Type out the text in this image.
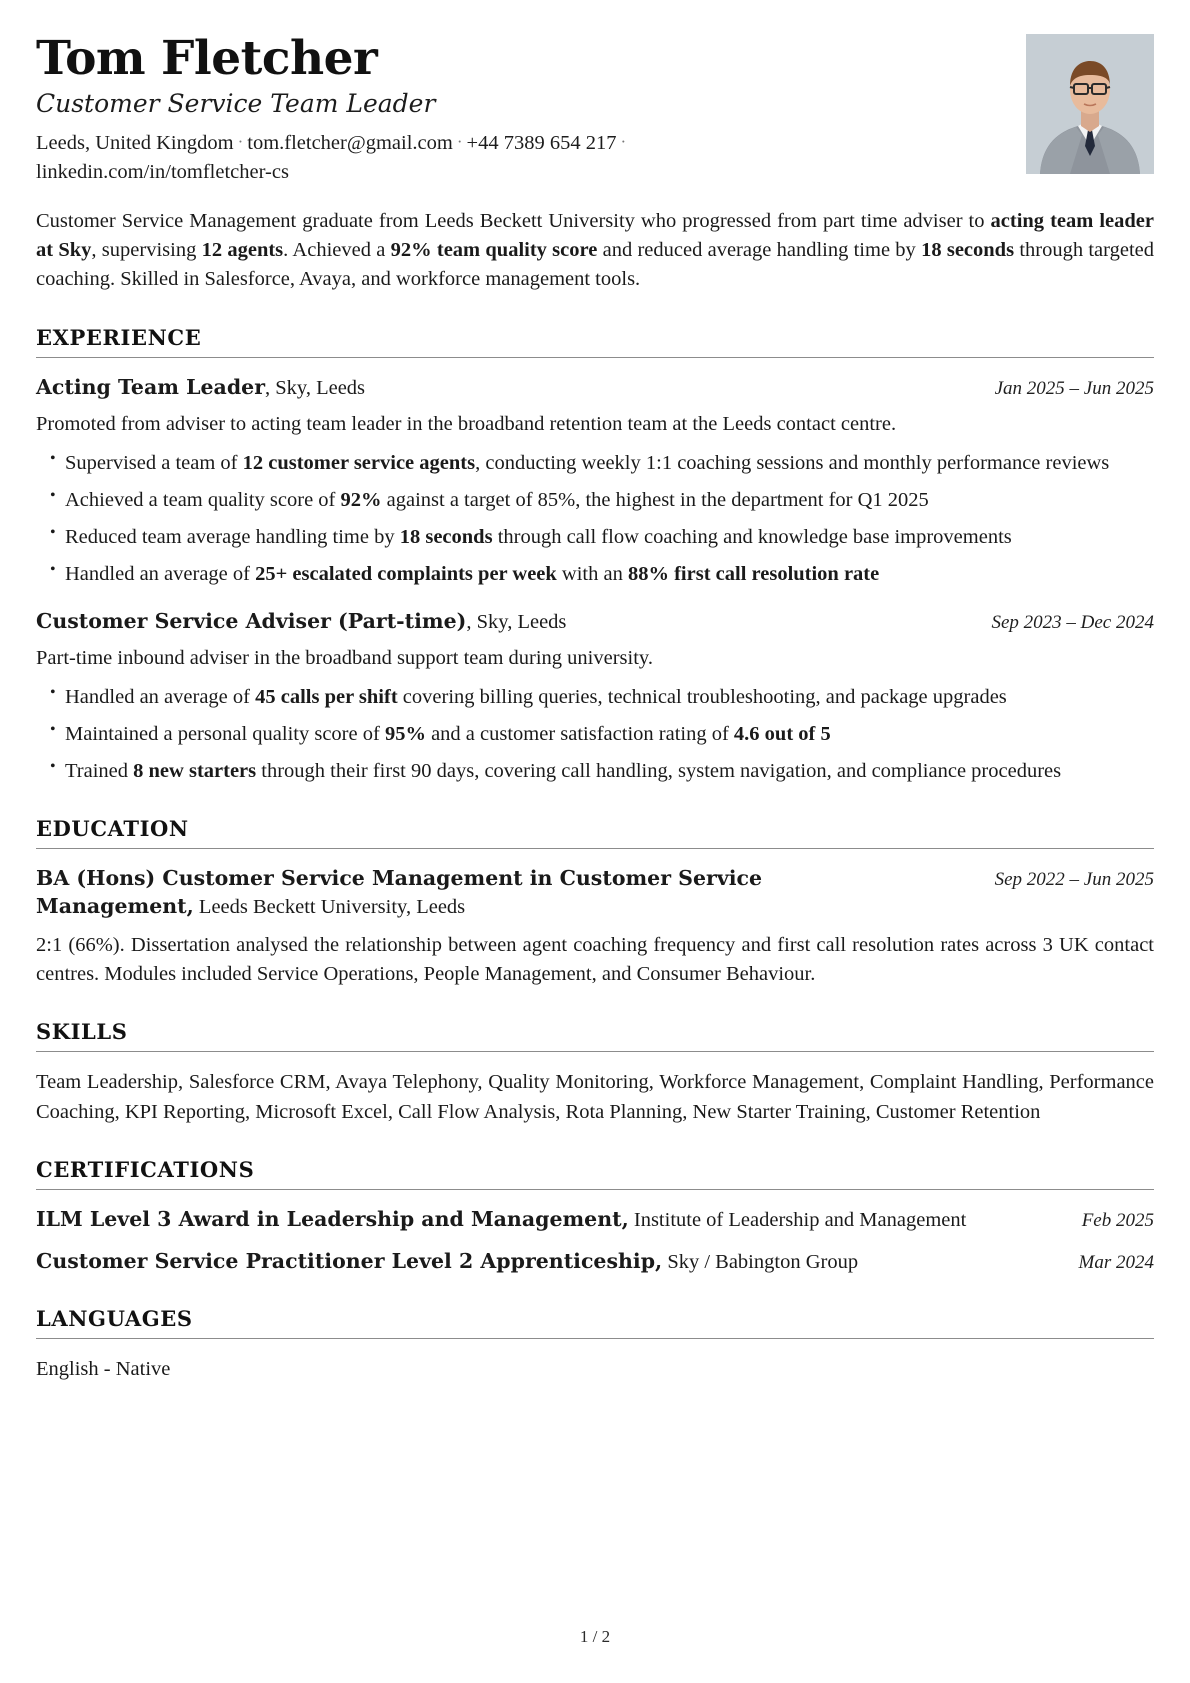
Tom Fletcher
Customer Service Team Leader
Leeds, United Kingdom · tom.fletcher@gmail.com · +44 7389 654 217 · linkedin.com/in/tomfletcher-cs
Customer Service Management graduate from Leeds Beckett University who progressed from part time adviser to acting team leader at Sky, supervising 12 agents. Achieved a 92% team quality score and reduced average handling time by 18 seconds through targeted coaching. Skilled in Salesforce, Avaya, and workforce management tools.
EXPERIENCE
Acting Team Leader, Sky, Leeds	Jan 2025 – Jun 2025
Promoted from adviser to acting team leader in the broadband retention team at the Leeds contact centre.
• Supervised a team of 12 customer service agents, conducting weekly 1:1 coaching sessions and monthly performance reviews
• Achieved a team quality score of 92% against a target of 85%, the highest in the department for Q1 2025
• Reduced team average handling time by 18 seconds through call flow coaching and knowledge base improvements
• Handled an average of 25+ escalated complaints per week with an 88% first call resolution rate
Customer Service Adviser (Part-time), Sky, Leeds	Sep 2023 – Dec 2024
Part-time inbound adviser in the broadband support team during university.
• Handled an average of 45 calls per shift covering billing queries, technical troubleshooting, and package upgrades
• Maintained a personal quality score of 95% and a customer satisfaction rating of 4.6 out of 5
• Trained 8 new starters through their first 90 days, covering call handling, system navigation, and compliance procedures
EDUCATION
BA (Hons) Customer Service Management in Customer Service Management, Leeds Beckett University, Leeds
Sep 2022 – Jun 2025
2:1 (66%). Dissertation analysed the relationship between agent coaching frequency and first call resolution rates across 3 UK contact centres. Modules included Service Operations, People Management, and Consumer Behaviour.
SKILLS
Team Leadership, Salesforce CRM, Avaya Telephony, Quality Monitoring, Workforce Management, Complaint Handling, Performance Coaching, KPI Reporting, Microsoft Excel, Call Flow Analysis, Rota Planning, New Starter Training, Customer Retention
CERTIFICATIONS
ILM Level 3 Award in Leadership and Management, Institute of Leadership and Management	Feb 2025
Customer Service Practitioner Level 2 Apprenticeship, Sky / Babington Group	Mar 2024
LANGUAGES
English - Native
1 / 2
